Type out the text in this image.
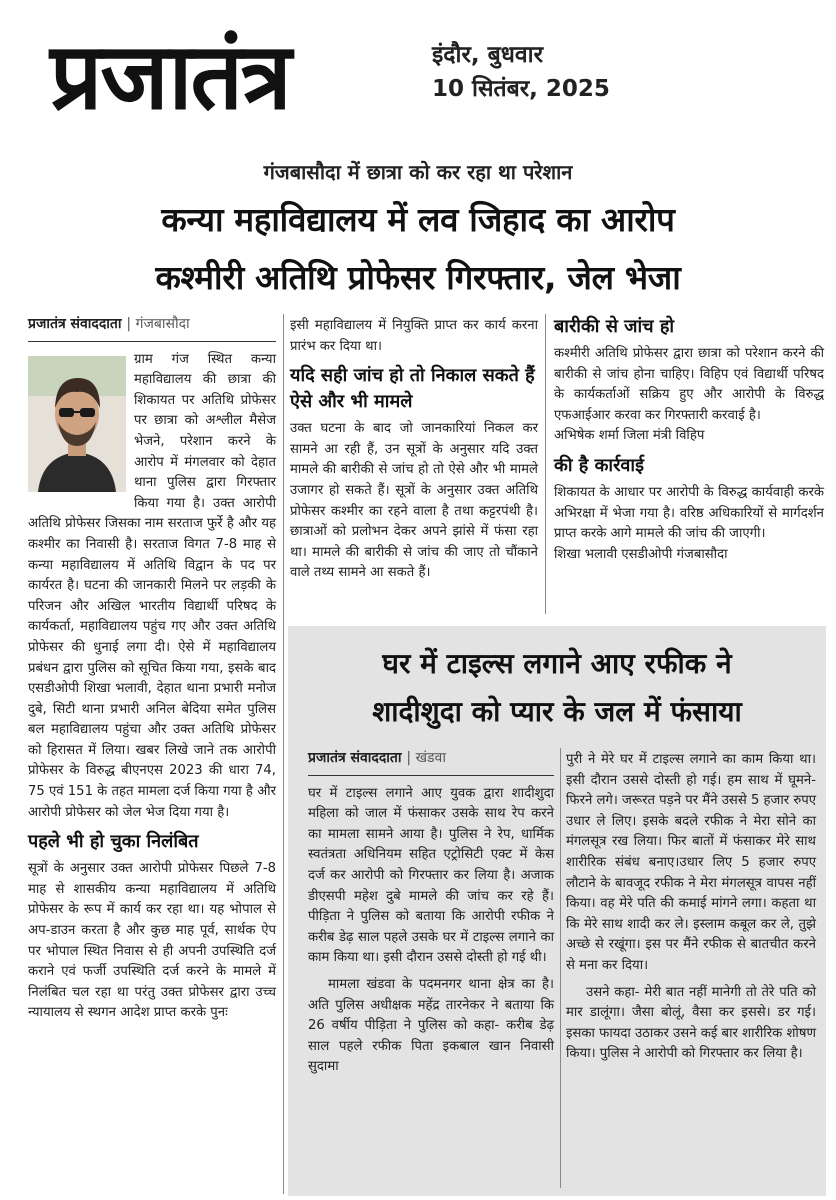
प्रजातंत्र	इंदौर, बुधवार
10 सितंबर, 2025
गंजबासौदा में छात्रा को कर रहा था परेशान
कन्या महाविद्यालय में लव जिहाद का आरोप
कश्मीरी अतिथि प्रोफेसर गिरफ्तार, जेल भेजा
प्रजातंत्र संवाददाता | गंजबासौदा

ग्राम गंज स्थित कन्या महाविद्यालय की छात्रा की शिकायत पर अतिथि प्रोफेसर पर छात्रा को अश्लील मैसेज भेजने, परेशान करने के आरोप में मंगलवार को देहात थाना पुलिस द्वारा गिरफ्तार किया गया है। उक्त आरोपी अतिथि प्रोफेसर जिसका नाम सरताज फुर्रे है और यह कश्मीर का निवासी है। सरताज विगत 7-8 माह से कन्या महाविद्यालय में अतिथि विद्वान के पद पर कार्यरत है। घटना की जानकारी मिलने पर लड़की के परिजन और अखिल भारतीय विद्यार्थी परिषद के कार्यकर्ता, महाविद्यालय पहुंच गए और उक्त अतिथि प्रोफेसर की धुनाई लगा दी। ऐसे में महाविद्यालय प्रबंधन द्वारा पुलिस को सूचित किया गया, इसके बाद एसडीओपी शिखा भलावी, देहात थाना प्रभारी मनोज दुबे, सिटी थाना प्रभारी अनिल बेदिया समेत पुलिस बल महाविद्यालय पहुंचा और उक्त अतिथि प्रोफेसर को हिरासत में लिया। खबर लिखे जाने तक आरोपी प्रोफेसर के विरुद्ध बीएनएस 2023 की धारा 74, 75 एवं 151 के तहत मामला दर्ज किया गया है और आरोपी प्रोफेसर को जेल भेज दिया गया है।

पहले भी हो चुका निलंबित

सूत्रों के अनुसार उक्त आरोपी प्रोफेसर पिछले 7-8 माह से शासकीय कन्या महाविद्यालय में अतिथि प्रोफेसर के रूप में कार्य कर रहा था। यह भोपाल से अप-डाउन करता है और कुछ माह पूर्व, सार्थक ऐप पर भोपाल स्थित निवास से ही अपनी उपस्थिति दर्ज कराने एवं फर्जी उपस्थिति दर्ज करने के मामले में निलंबित चल रहा था परंतु उक्त प्रोफेसर द्वारा उच्च न्यायालय से स्थगन आदेश प्राप्त करके पुनः

इसी महाविद्यालय में नियुक्ति प्राप्त कर कार्य करना प्रारंभ कर दिया था।

यदि सही जांच हो तो निकाल सकते हैं ऐसे और भी मामले

उक्त घटना के बाद जो जानकारियां निकल कर सामने आ रही हैं, उन सूत्रों के अनुसार यदि उक्त मामले की बारीकी से जांच हो तो ऐसे और भी मामले उजागर हो सकते हैं। सूत्रों के अनुसार उक्त अतिथि प्रोफेसर कश्मीर का रहने वाला है तथा कट्टरपंथी है। छात्राओं को प्रलोभन देकर अपने झांसे में फंसा रहा था। मामले की बारीकी से जांच की जाए तो चौंकाने वाले तथ्य सामने आ सकते हैं।

बारीकी से जांच हो

कश्मीरी अतिथि प्रोफेसर द्वारा छात्रा को परेशान करने की बारीकी से जांच होना चाहिए। विहिप एवं विद्यार्थी परिषद के कार्यकर्ताओं सक्रिय हुए और आरोपी के विरुद्ध एफआईआर करवा कर गिरफ्तारी करवाई है।

अभिषेक शर्मा जिला मंत्री विहिप

की है कार्रवाई

शिकायत के आधार पर आरोपी के विरुद्ध कार्यवाही करके अभिरक्षा में भेजा गया है। वरिष्ठ अधिकारियों से मार्गदर्शन प्राप्त करके आगे मामले की जांच की जाएगी।

शिखा भलावी एसडीओपी गंजबासौदा

घर में टाइल्स लगाने आए रफीक ने
शादीशुदा को प्यार के जल में फंसाया
प्रजातंत्र संवाददाता | खंडवा

घर में टाइल्स लगाने आए युवक द्वारा शादीशुदा महिला को जाल में फंसाकर उसके साथ रेप करने का मामला सामने आया है। पुलिस ने रेप, धार्मिक स्वतंत्रता अधिनियम सहित एट्रोसिटी एक्ट में केस दर्ज कर आरोपी को गिरफ्तार कर लिया है। अजाक डीएसपी महेश दुबे मामले की जांच कर रहे हैं। पीड़िता ने पुलिस को बताया कि आरोपी रफीक ने करीब डेढ़ साल पहले उसके घर में टाइल्स लगाने का काम किया था। इसी दौरान उससे दोस्ती हो गई थी।

मामला खंडवा के पदमनगर थाना क्षेत्र का है। अति पुलिस अधीक्षक महेंद्र तारनेकर ने बताया कि 26 वर्षीय पीड़िता ने पुलिस को कहा- करीब डेढ़ साल पहले रफीक पिता इकबाल खान निवासी सुदामा

पुरी ने मेरे घर में टाइल्स लगाने का काम किया था। इसी दौरान उससे दोस्ती हो गई। हम साथ में घूमने-फिरने लगे। जरूरत पड़ने पर मैंने उससे 5 हजार रुपए उधार ले लिए। इसके बदले रफीक ने मेरा सोने का मंगलसूत्र रख लिया। फिर बातों में फंसाकर मेरे साथ शारीरिक संबंध बनाए।उधार लिए 5 हजार रुपए लौटाने के बावजूद रफीक ने मेरा मंगलसूत्र वापस नहीं किया। वह मेरे पति की कमाई मांगने लगा। कहता था कि मेरे साथ शादी कर ले। इस्लाम कबूल कर ले, तुझे अच्छे से रखूंगा। इस पर मैंने रफीक से बातचीत करने से मना कर दिया।

उसने कहा- मेरी बात नहीं मानेगी तो तेरे पति को मार डालूंगा। जैसा बोलूं, वैसा कर इससे। डर गई। इसका फायदा उठाकर उसने कई बार शारीरिक शोषण किया। पुलिस ने आरोपी को गिरफ्तार कर लिया है।
